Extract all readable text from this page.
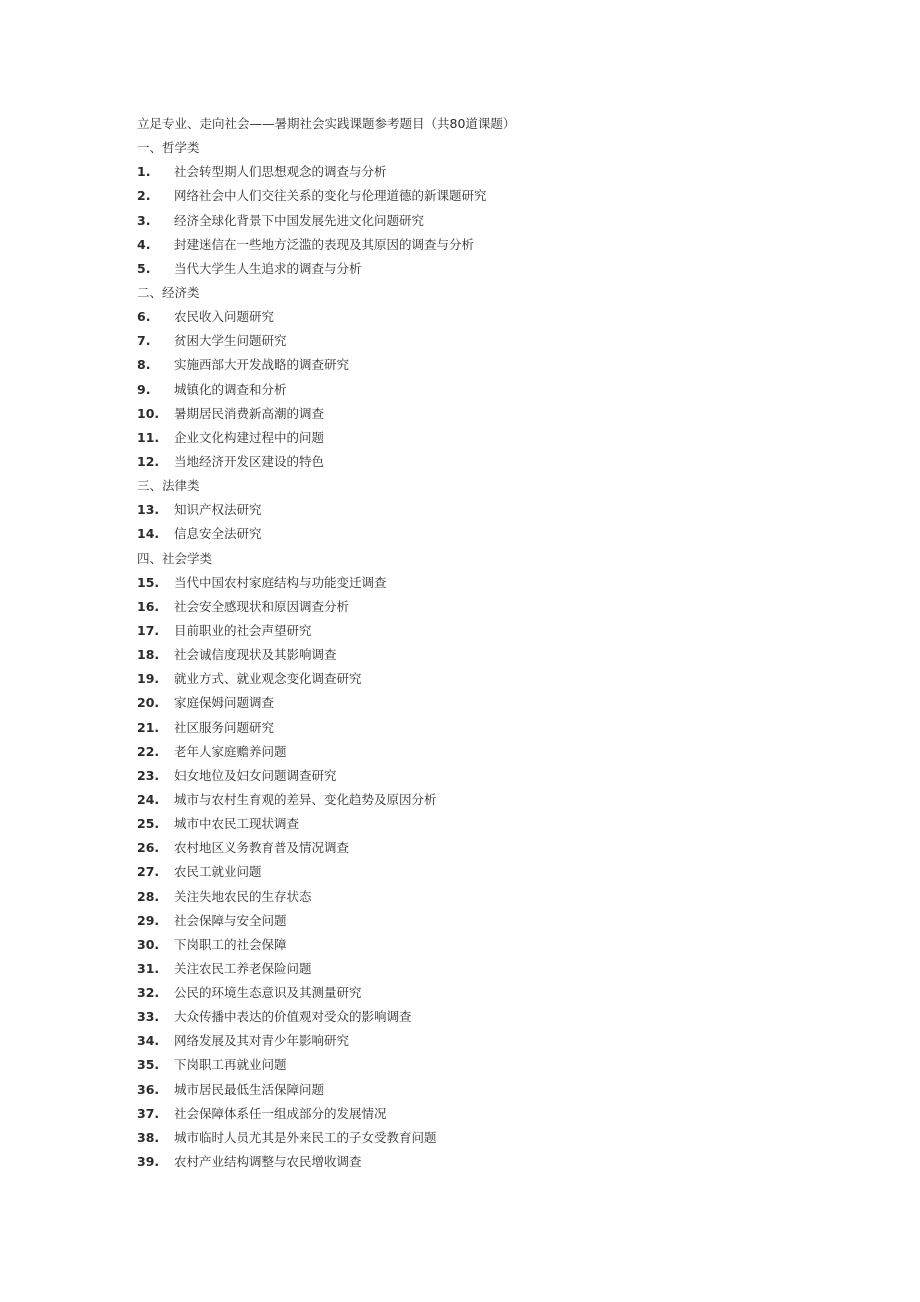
立足专业、走向社会——暑期社会实践课题参考题目（共80道课题）

一、哲学类

1. 社会转型期人们思想观念的调查与分析

2. 网络社会中人们交往关系的变化与伦理道德的新课题研究

3. 经济全球化背景下中国发展先进文化问题研究

4. 封建迷信在一些地方泛滥的表现及其原因的调查与分析

5. 当代大学生人生追求的调查与分析

二、经济类

6. 农民收入问题研究

7. 贫困大学生问题研究

8. 实施西部大开发战略的调查研究

9. 城镇化的调查和分析

10. 暑期居民消费新高潮的调查

11. 企业文化构建过程中的问题

12. 当地经济开发区建设的特色

三、法律类

13. 知识产权法研究

14. 信息安全法研究

四、社会学类

15. 当代中国农村家庭结构与功能变迁调查

16. 社会安全感现状和原因调查分析

17. 目前职业的社会声望研究

18. 社会诚信度现状及其影响调查

19. 就业方式、就业观念变化调查研究

20. 家庭保姆问题调查

21. 社区服务问题研究

22. 老年人家庭赡养问题

23. 妇女地位及妇女问题调查研究

24. 城市与农村生育观的差异、变化趋势及原因分析

25. 城市中农民工现状调查

26. 农村地区义务教育普及情况调查

27. 农民工就业问题

28. 关注失地农民的生存状态

29. 社会保障与安全问题

30. 下岗职工的社会保障

31. 关注农民工养老保险问题

32. 公民的环境生态意识及其测量研究

33. 大众传播中表达的价值观对受众的影响调查

34. 网络发展及其对青少年影响研究

35. 下岗职工再就业问题

36. 城市居民最低生活保障问题

37. 社会保障体系任一组成部分的发展情况

38. 城市临时人员尤其是外来民工的子女受教育问题

39. 农村产业结构调整与农民增收调查
